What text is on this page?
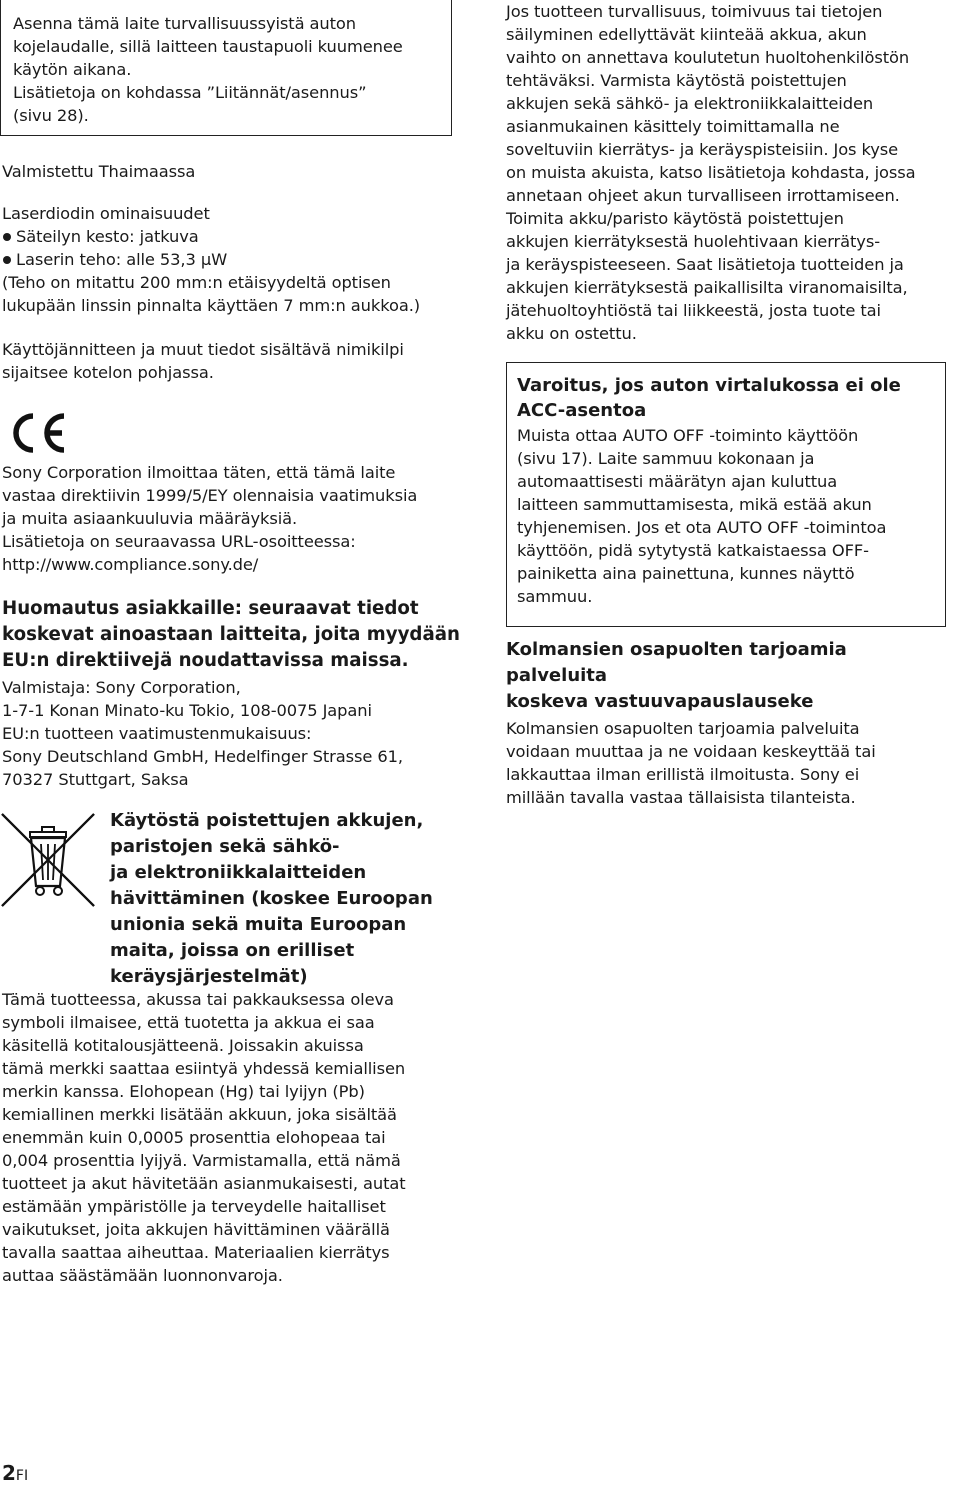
Asenna tämä laite turvallisuussyistä auton

kojelaudalle, sillä laitteen taustapuoli kuumenee

käytön aikana.

Lisätietoja on kohdassa ”Liitännät/asennus”

(sivu 28).

Valmistettu Thaimaassa

Laserdiodin ominaisuudet

Säteilyn kesto: jatkuva

Laserin teho: alle 53,3 µW

(Teho on mitattu 200 mm:n etäisyydeltä optisen

lukupään linssin pinnalta käyttäen 7 mm:n aukkoa.)

Käyttöjännitteen ja muut tiedot sisältävä nimikilpi

sijaitsee kotelon pohjassa.

Sony Corporation ilmoittaa täten, että tämä laite

vastaa direktiivin 1999/5/EY olennaisia vaatimuksia

ja muita asiaankuuluvia määräyksiä.

Lisätietoja on seuraavassa URL-osoitteessa:

http://www.compliance.sony.de/

Huomautus asiakkaille: seuraavat tiedot
koskevat ainoastaan laitteita, joita myydään
EU:n direktiivejä noudattavissa maissa.

Valmistaja: Sony Corporation,

1-7-1 Konan Minato-ku Tokio, 108-0075 Japani

EU:n tuotteen vaatimustenmukaisuus:

Sony Deutschland GmbH, Hedelfinger Strasse 61,

70327 Stuttgart, Saksa

Käytöstä poistettujen akkujen,
paristojen sekä sähkö-
ja elektroniikkalaitteiden
hävittäminen (koskee Euroopan
unionia sekä muita Euroopan
maita, joissa on erilliset
keräysjärjestelmät)

Tämä tuotteessa, akussa tai pakkauksessa oleva

symboli ilmaisee, että tuotetta ja akkua ei saa

käsitellä kotitalousjätteenä. Joissakin akuissa

tämä merkki saattaa esiintyä yhdessä kemiallisen

merkin kanssa. Elohopean (Hg) tai lyijyn (Pb)

kemiallinen merkki lisätään akkuun, joka sisältää

enemmän kuin 0,0005 prosenttia elohopeaa tai

0,004 prosenttia lyijyä. Varmistamalla, että nämä

tuotteet ja akut hävitetään asianmukaisesti, autat

estämään ympäristölle ja terveydelle haitalliset

vaikutukset, joita akkujen hävittäminen väärällä

tavalla saattaa aiheuttaa. Materiaalien kierrätys

auttaa säästämään luonnonvaroja.

Jos tuotteen turvallisuus, toimivuus tai tietojen

säilyminen edellyttävät kiinteää akkua, akun

vaihto on annettava koulutetun huoltohenkilöstön

tehtäväksi. Varmista käytöstä poistettujen

akkujen sekä sähkö- ja elektroniikkalaitteiden

asianmukainen käsittely toimittamalla ne

soveltuviin kierrätys- ja keräyspisteisiin. Jos kyse

on muista akuista, katso lisätietoja kohdasta, jossa

annetaan ohjeet akun turvalliseen irrottamiseen.

Toimita akku/paristo käytöstä poistettujen

akkujen kierrätyksestä huolehtivaan kierrätys-

ja keräyspisteeseen. Saat lisätietoja tuotteiden ja

akkujen kierrätyksestä paikallisilta viranomaisilta,

jätehuoltoyhtiöstä tai liikkeestä, josta tuote tai

akku on ostettu.

Varoitus, jos auton virtalukossa ei ole
ACC-asentoa

Muista ottaa AUTO OFF -toiminto käyttöön

(sivu 17). Laite sammuu kokonaan ja

automaattisesti määrätyn ajan kuluttua

laitteen sammuttamisesta, mikä estää akun

tyhjenemisen. Jos et ota AUTO OFF -toimintoa

käyttöön, pidä sytytystä katkaistaessa OFF-

painiketta aina painettuna, kunnes näyttö

sammuu.

Kolmansien osapuolten tarjoamia palveluita
koskeva vastuuvapauslauseke

Kolmansien osapuolten tarjoamia palveluita

voidaan muuttaa ja ne voidaan keskeyttää tai

lakkauttaa ilman erillistä ilmoitusta. Sony ei

millään tavalla vastaa tällaisista tilanteista.

2FI
